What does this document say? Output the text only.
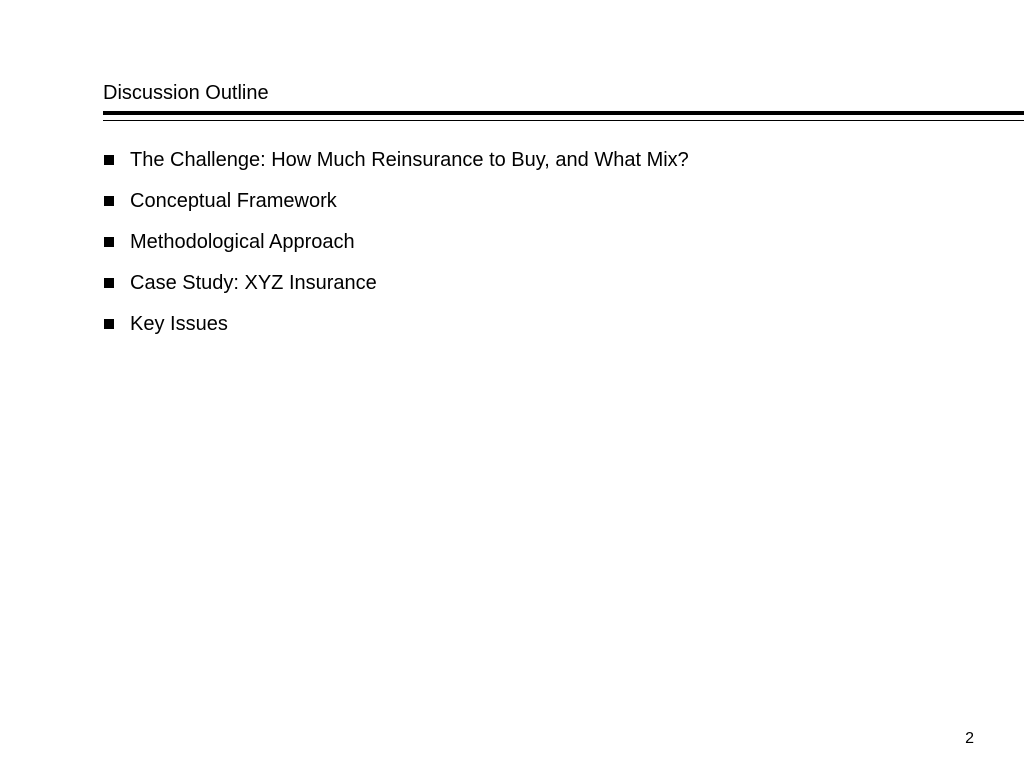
Discussion Outline
The Challenge: How Much Reinsurance to Buy, and What Mix?
Conceptual Framework
Methodological Approach
Case Study: XYZ Insurance
Key Issues
2
